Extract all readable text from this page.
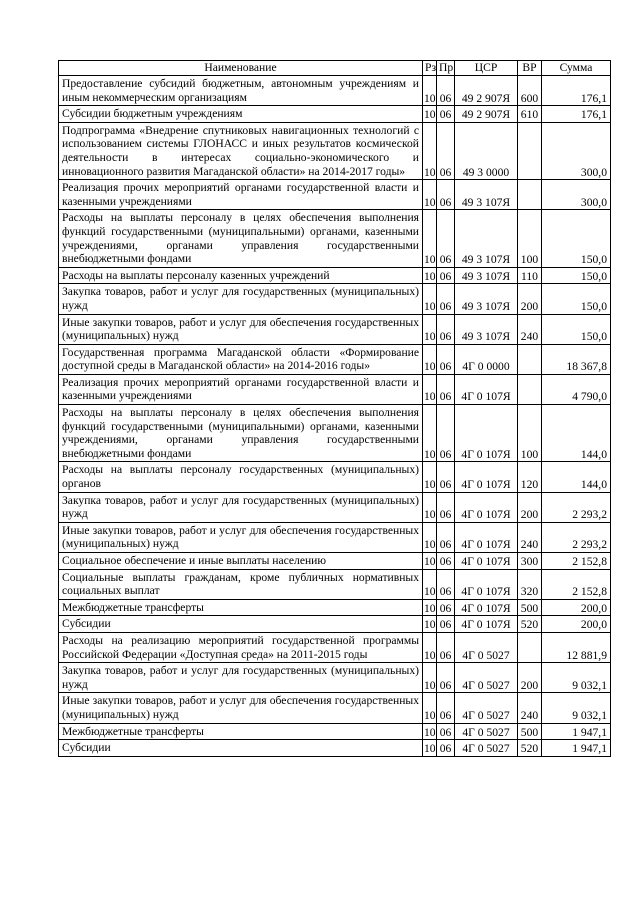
Наименование	Рз	Пр	ЦСР	ВР	Сумма
Предоставление субсидий бюджетным, автономным учреждениям и иным некоммерческим организациям	10	06	49 2 907Я	600	176,1
Субсидии бюджетным учреждениям	10	06	49 2 907Я	610	176,1
Подпрограмма «Внедрение спутниковых навигационных технологий с использованием системы ГЛОНАСС и иных результатов космической деятельности в интересах социально-экономического и инновационного развития Магаданской области» на 2014-2017 годы»	10	06	49 3 0000		300,0
Реализация прочих мероприятий органами государственной власти и казенными учреждениями	10	06	49 3 107Я		300,0
Расходы на выплаты персоналу в целях обеспечения выполнения функций государственными (муниципальными) органами, казенными учреждениями, органами управления государственными внебюджетными фондами	10	06	49 3 107Я	100	150,0
Расходы на выплаты персоналу казенных учреждений	10	06	49 3 107Я	110	150,0
Закупка товаров, работ и услуг для государственных (муниципальных) нужд	10	06	49 3 107Я	200	150,0
Иные закупки товаров, работ и услуг для обеспечения государственных (муниципальных) нужд	10	06	49 3 107Я	240	150,0
Государственная программа Магаданской области «Формирование доступной среды в Магаданской области» на 2014-2016 годы»	10	06	4Г 0 0000		18 367,8
Реализация прочих мероприятий органами государственной власти и казенными учреждениями	10	06	4Г 0 107Я		4 790,0
Расходы на выплаты персоналу в целях обеспечения выполнения функций государственными (муниципальными) органами, казенными учреждениями, органами управления государственными внебюджетными фондами	10	06	4Г 0 107Я	100	144,0
Расходы на выплаты персоналу государственных (муниципальных) органов	10	06	4Г 0 107Я	120	144,0
Закупка товаров, работ и услуг для государственных (муниципальных) нужд	10	06	4Г 0 107Я	200	2 293,2
Иные закупки товаров, работ и услуг для обеспечения государственных (муниципальных) нужд	10	06	4Г 0 107Я	240	2 293,2
Социальное обеспечение и иные выплаты населению	10	06	4Г 0 107Я	300	2 152,8
Социальные выплаты гражданам, кроме публичных нормативных социальных выплат	10	06	4Г 0 107Я	320	2 152,8
Межбюджетные трансферты	10	06	4Г 0 107Я	500	200,0
Субсидии	10	06	4Г 0 107Я	520	200,0
Расходы на реализацию мероприятий государственной программы Российской Федерации «Доступная среда» на 2011-2015 годы	10	06	4Г 0 5027		12 881,9
Закупка товаров, работ и услуг для государственных (муниципальных) нужд	10	06	4Г 0 5027	200	9 032,1
Иные закупки товаров, работ и услуг для обеспечения государственных (муниципальных) нужд	10	06	4Г 0 5027	240	9 032,1
Межбюджетные трансферты	10	06	4Г 0 5027	500	1 947,1
Субсидии	10	06	4Г 0 5027	520	1 947,1
